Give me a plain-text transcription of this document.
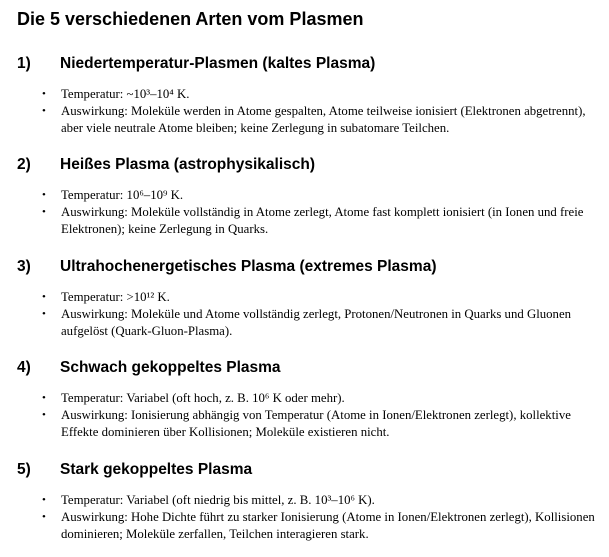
Die 5 verschiedenen Arten vom Plasmen
1) Niedertemperatur-Plasmen (kaltes Plasma)
• Temperatur: ~10³–10⁴ K.
• Auswirkung: Moleküle werden in Atome gespalten, Atome teilweise ionisiert (Elektronen abgetrennt), aber viele neutrale Atome bleiben; keine Zerlegung in subatomare Teilchen.
2) Heißes Plasma (astrophysikalisch)
• Temperatur: 10⁶–10⁹ K.
• Auswirkung: Moleküle vollständig in Atome zerlegt, Atome fast komplett ionisiert (in Ionen und freie Elektronen); keine Zerlegung in Quarks.
3) Ultrahochenergetisches Plasma (extremes Plasma)
• Temperatur: >10¹² K.
• Auswirkung: Moleküle und Atome vollständig zerlegt, Protonen/Neutronen in Quarks und Gluonen aufgelöst (Quark-Gluon-Plasma).
4) Schwach gekoppeltes Plasma
• Temperatur: Variabel (oft hoch, z. B. 10⁶ K oder mehr).
• Auswirkung: Ionisierung abhängig von Temperatur (Atome in Ionen/Elektronen zerlegt), kollektive Effekte dominieren über Kollisionen; Moleküle existieren nicht.
5) Stark gekoppeltes Plasma
• Temperatur: Variabel (oft niedrig bis mittel, z. B. 10³–10⁶ K).
• Auswirkung: Hohe Dichte führt zu starker Ionisierung (Atome in Ionen/Elektronen zerlegt), Kollisionen dominieren; Moleküle zerfallen, Teilchen interagieren stark.
